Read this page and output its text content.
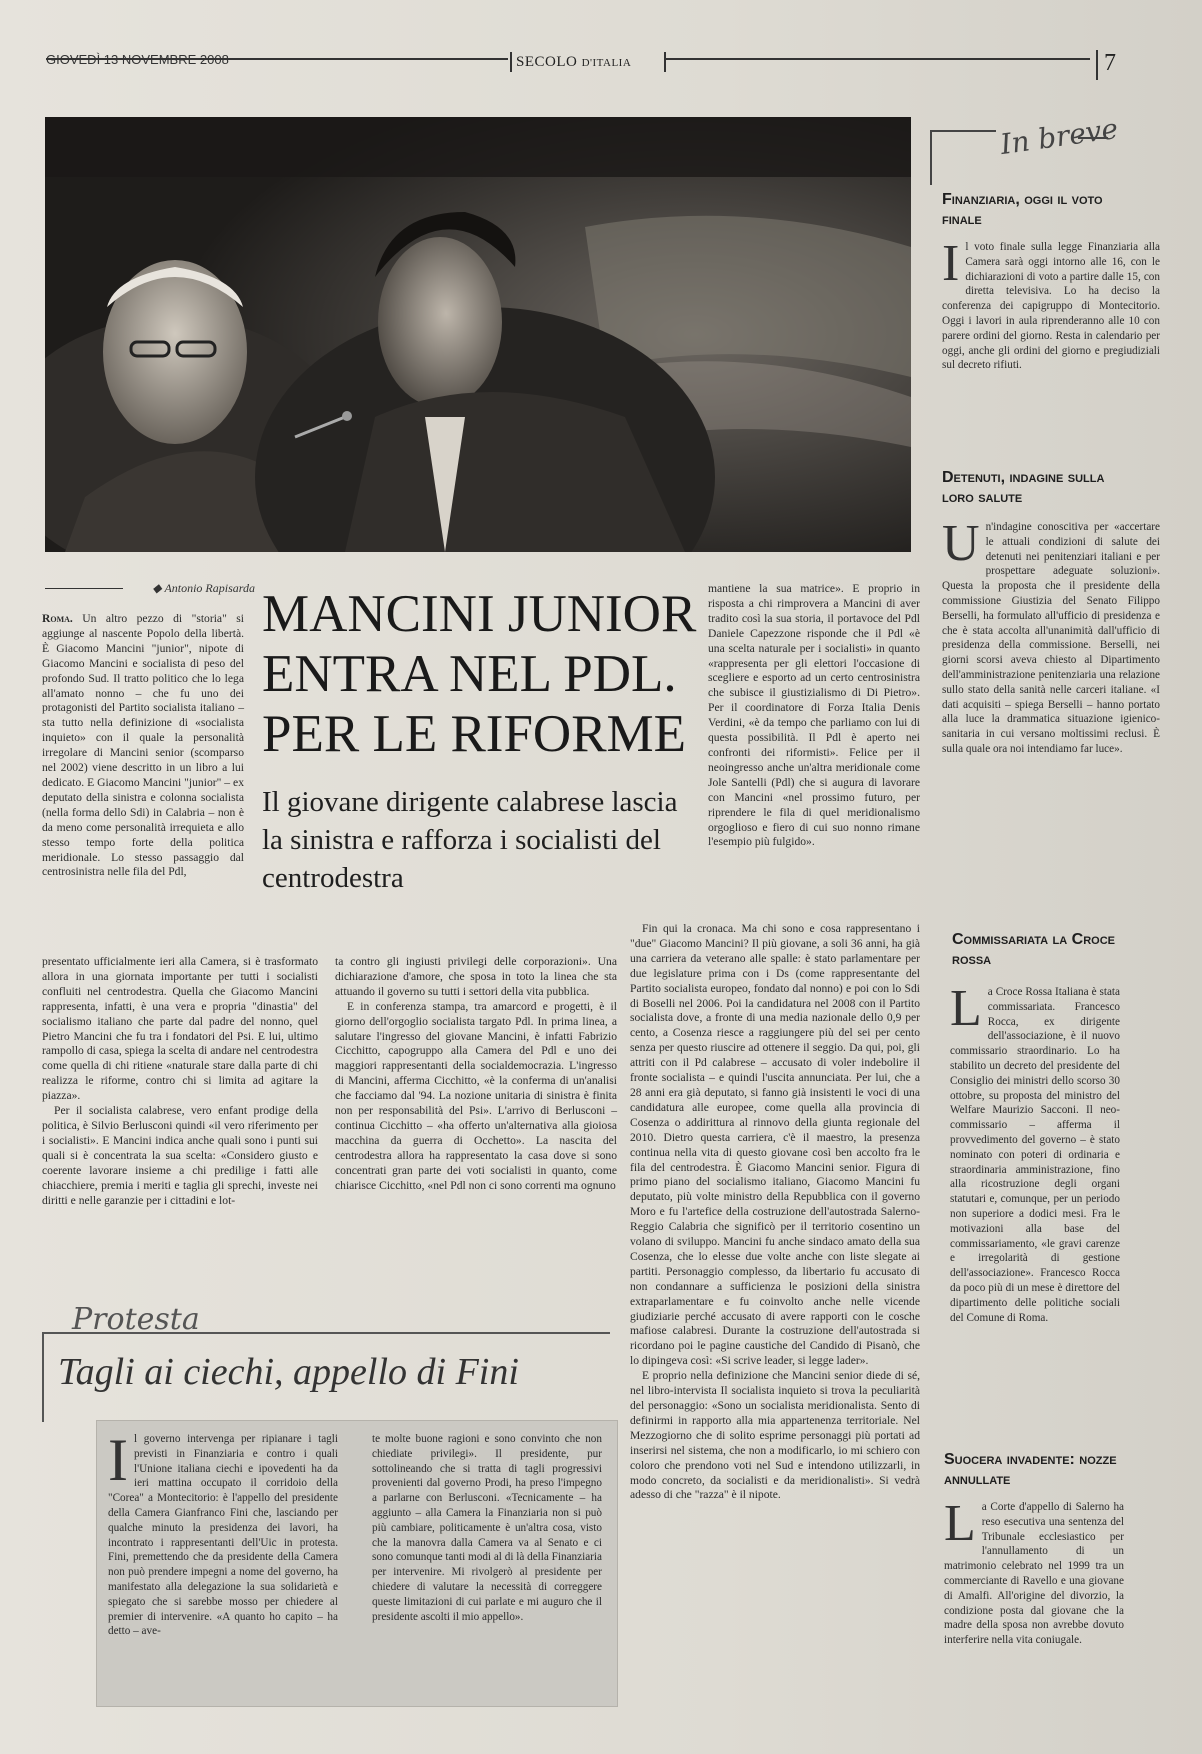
SECOLO D'ITALIA	7
◆ Antonio Rapisarda MANCINI JUNIOR ENTRA NEL PDL. PER LE RIFORME
Il giovane dirigente calabrese lascia la sinistra e rafforza i socialisti del centrodestra

Roma. Un altro pezzo di "storia" si aggiunge al nascente Popolo della libertà. È Giacomo Mancini "junior", nipote di Giacomo Mancini e socialista di peso del profondo Sud. Il tratto politico che lo lega all'amato nonno – che fu uno dei protagonisti del Partito socialista italiano – sta tutto nella definizione di «socialista inquieto» con il quale la personalità irregolare di Mancini senior (scomparso nel 2002) viene descritto in un libro a lui dedicato. E Giacomo Mancini "junior" – ex deputato della sinistra e colonna socialista (nella forma dello Sdi) in Calabria – non è da meno come personalità irrequieta e allo stesso tempo forte della politica meridionale. Lo stesso passaggio dal centrosinistra nelle fila del Pdl,

presentato ufficialmente ieri alla Camera, si è trasformato allora in una giornata importante per tutti i socialisti confluiti nel centrodestra. Quella che Giacomo Mancini rappresenta, infatti, è una vera e propria "dinastia" del socialismo italiano che parte dal padre del nonno, quel Pietro Mancini che fu tra i fondatori del Psi. E lui, ultimo rampollo di casa, spiega la scelta di andare nel centrodestra come quella di chi ritiene «naturale stare dalla parte di chi realizza le riforme, contro chi si limita ad agitare la piazza».

Per il socialista calabrese, vero enfant prodige della politica, è Silvio Berlusconi quindi «il vero riferimento per i socialisti». E Mancini indica anche quali sono i punti sui quali si è concentrata la sua scelta: «Considero giusto e coerente lavorare insieme a chi predilige i fatti alle chiacchiere, premia i meriti e taglia gli sprechi, investe nei diritti e nelle garanzie per i cittadini e lot-

ta contro gli ingiusti privilegi delle corporazioni». Una dichiarazione d'amore, che sposa in toto la linea che sta attuando il governo su tutti i settori della vita pubblica.

E in conferenza stampa, tra amarcord e progetti, è il giorno dell'orgoglio socialista targato Pdl. In prima linea, a salutare l'ingresso del giovane Mancini, è infatti Fabrizio Cicchitto, capogruppo alla Camera del Pdl e uno dei maggiori rappresentanti della socialdemocrazia. L'ingresso di Mancini, afferma Cicchitto, «è la conferma di un'analisi che facciamo dal '94. La nozione unitaria di sinistra è finita non per responsabilità del Psi». L'arrivo di Berlusconi – continua Cicchitto – «ha offerto un'alternativa alla gioiosa macchina da guerra di Occhetto». La nascita del centrodestra allora ha rappresentato la casa dove si sono concentrati gran parte dei voti socialisti in quanto, come chiarisce Cicchitto, «nel Pdl non ci sono correnti ma ognuno

mantiene la sua matrice». E proprio in risposta a chi rimprovera a Mancini di aver tradito così la sua storia, il portavoce del Pdl Daniele Capezzone risponde che il Pdl «è una scelta naturale per i socialisti» in quanto «rappresenta per gli elettori l'occasione di scegliere e esporto ad un certo centrosinistra che subisce il giustizialismo di Di Pietro». Per il coordinatore di Forza Italia Denis Verdini, «è da tempo che parliamo con lui di questa possibilità. Il Pdl è aperto nei confronti dei riformisti». Felice per il neoingresso anche un'altra meridionale come Jole Santelli (Pdl) che si augura di lavorare con Mancini «nel prossimo futuro, per riprendere le fila di quel meridionalismo orgoglioso e fiero di cui suo nonno rimane l'esempio più fulgido».

Fin qui la cronaca. Ma chi sono e cosa rappresentano i "due" Giacomo Mancini? Il più giovane, a soli 36 anni, ha già una carriera da veterano alle spalle: è stato parlamentare per due legislature prima con i Ds (come rappresentante del Partito socialista europeo, fondato dal nonno) e poi con lo Sdi di Boselli nel 2006. Poi la candidatura nel 2008 con il Partito socialista dove, a fronte di una media nazionale dello 0,9 per cento, a Cosenza riesce a raggiungere più del sei per cento senza per questo riuscire ad ottenere il seggio. Da qui, poi, gli attriti con il Pd calabrese – accusato di voler indebolire il fronte socialista – e quindi l'uscita annunciata. Per lui, che a 28 anni era già deputato, si fanno già insistenti le voci di una candidatura alle europee, come quella alla provincia di Cosenza o addirittura al rinnovo della giunta regionale del 2010. Dietro questa carriera, c'è il maestro, la presenza continua nella vita di questo giovane così ben accolto fra le fila del centrodestra. È Giacomo Mancini senior. Figura di primo piano del socialismo italiano, Giacomo Mancini fu deputato, più volte ministro della Repubblica con il governo Moro e fu l'artefice della costruzione dell'autostrada Salerno-Reggio Calabria che significò per il territorio cosentino un volano di sviluppo. Mancini fu anche sindaco amato della sua Cosenza, che lo elesse due volte anche con liste slegate ai partiti. Personaggio complesso, da libertario fu accusato di non condannare a sufficienza le posizioni della sinistra extraparlamentare e fu coinvolto anche nelle vicende giudiziarie perché accusato di avere rapporti con le cosche mafiose calabresi. Durante la costruzione dell'autostrada si ricordano poi le pagine caustiche del Candido di Pisanò, che lo dipingeva così: «Si scrive leader, si legge lader».

E proprio nella definizione che Mancini senior diede di sé, nel libro-intervista Il socialista inquieto si trova la peculiarità del personaggio: «Sono un socialista meridionalista. Sento di definirmi in rapporto alla mia appartenenza territoriale. Nel Mezzogiorno che di solito esprime personaggi più portati ad inserirsi nel sistema, che non a modificarlo, io mi schiero con coloro che prendono voti nel Sud e intendono utilizzarli, in modo concreto, da socialisti e da meridionalisti». Si vedrà adesso di che "razza" è il nipote.

In breve
Finanziaria, oggi il voto finale
Il voto finale sulla legge Finanziaria alla Camera sarà oggi intorno alle 16, con le dichiarazioni di voto a partire dalle 15, con diretta televisiva. Lo ha deciso la conferenza dei capigruppo di Montecitorio. Oggi i lavori in aula riprenderanno alle 10 con parere ordini del giorno. Resta in calendario per oggi, anche gli ordini del giorno e pregiudiziali sul decreto rifiuti.
Detenuti, indagine sulla loro salute
Un'indagine conoscitiva per «accertare le attuali condizioni di salute dei detenuti nei penitenziari italiani e per prospettare adeguate soluzioni». Questa la proposta che il presidente della commissione Giustizia del Senato Filippo Berselli, ha formulato all'ufficio di presidenza e che è stata accolta all'unanimità dall'ufficio di presidenza della commissione. Berselli, nei giorni scorsi aveva chiesto al Dipartimento dell'amministrazione penitenziaria una relazione sullo stato della sanità nelle carceri italiane. «I dati acquisiti – spiega Berselli – hanno portato alla luce la drammatica situazione igienico-sanitaria in cui versano moltissimi reclusi. È sulla quale ora noi intendiamo far luce».
Commissariata la Croce rossa
La Croce Rossa Italiana è stata commissariata. Francesco Rocca, ex dirigente dell'associazione, è il nuovo commissario straordinario. Lo ha stabilito un decreto del presidente del Consiglio dei ministri dello scorso 30 ottobre, su proposta del ministro del Welfare Maurizio Sacconi. Il neo-commissario – afferma il provvedimento del governo – è stato nominato con poteri di ordinaria e straordinaria amministrazione, fino alla ricostruzione degli organi statutari e, comunque, per un periodo non superiore a dodici mesi. Fra le motivazioni alla base del commissariamento, «le gravi carenze e irregolarità di gestione dell'associazione». Francesco Rocca da poco più di un mese è direttore del dipartimento delle politiche sociali del Comune di Roma.
Suocera invadente: nozze annullate
La Corte d'appello di Salerno ha reso esecutiva una sentenza del Tribunale ecclesiastico per l'annullamento di un matrimonio celebrato nel 1999 tra un commerciante di Ravello e una giovane di Amalfi. All'origine del divorzio, la condizione posta dal giovane che la madre della sposa non avrebbe dovuto interferire nella vita coniugale.
Protesta
Tagli ai ciechi, appello di Fini
Il governo intervenga per ripianare i tagli previsti in Finanziaria e contro i quali l'Unione italiana ciechi e ipovedenti ha da ieri mattina occupato il corridoio della "Corea" a Montecitorio: è l'appello del presidente della Camera Gianfranco Fini che, lasciando per qualche minuto la presidenza dei lavori, ha incontrato i rappresentanti dell'Uic in protesta. Fini, premettendo che da presidente della Camera non può prendere impegni a nome del governo, ha manifestato alla delegazione la sua solidarietà e spiegato che si sarebbe mosso per chiedere al premier di intervenire. «A quanto ho capito – ha detto – ave-
te molte buone ragioni e sono convinto che non chiediate privilegi». Il presidente, pur sottolineando che si tratta di tagli progressivi provenienti dal governo Prodi, ha preso l'impegno a parlarne con Berlusconi. «Tecnicamente – ha aggiunto – alla Camera la Finanziaria non si può più cambiare, politicamente è un'altra cosa, visto che la manovra dalla Camera va al Senato e ci sono comunque tanti modi al di là della Finanziaria per intervenire. Mi rivolgerò al presidente per chiedere di valutare la necessità di correggere queste limitazioni di cui parlate e mi auguro che il presidente ascolti il mio appello».
